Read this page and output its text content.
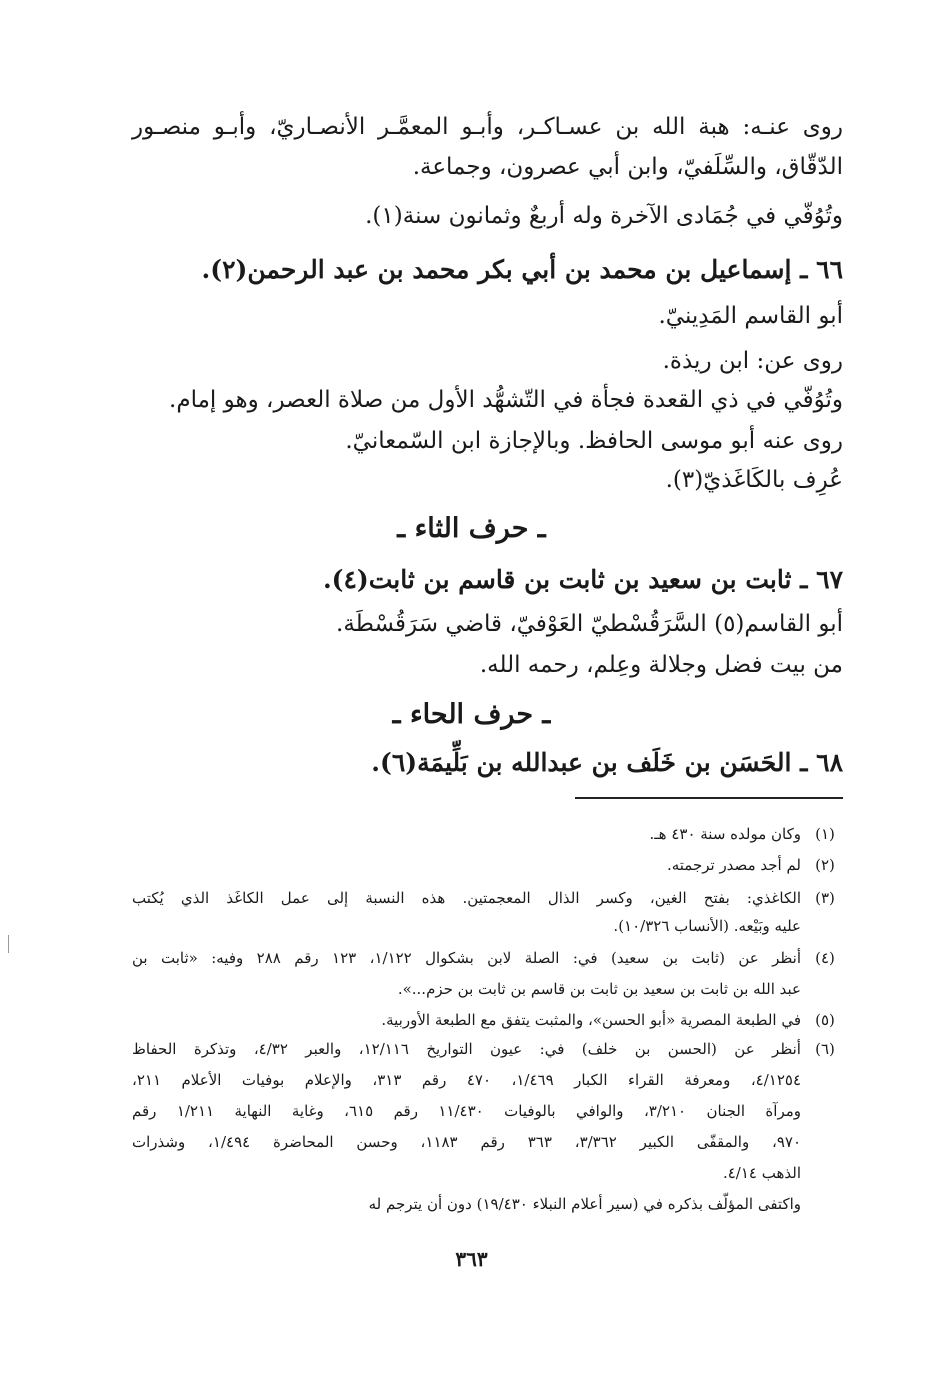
روى عنـه: هبة الله بن عسـاكـر، وأبـو المعمَّـر الأنصـاريّ، وأبـو منصـور
الدّقّاق، والسِّلَفيّ، وابن أبي عصرون، وجماعة.
وتُوُفّي في جُمَادى الآخرة وله أربعٌ وثمانون سنة(١).
٦٦ ـ إسماعيل بن محمد بن أبي بكر محمد بن عبد الرحمن(٢).
أبو القاسم المَدِينيّ.
روى عن: ابن ريذة.
وتُوُفّي في ذي القعدة فجأة في التّشهُّد الأول من صلاة العصر، وهو إمام.
روى عنه أبو موسى الحافظ. وبالإجازة ابن السّمعانيّ.
عُرِف بالكَاغَذيّ(٣).
ـ حرف الثاء ـ
٦٧ ـ ثابت بن سعيد بن ثابت بن قاسم بن ثابت(٤).
أبو القاسم(٥) السَّرَقُسْطيّ العَوْفيّ، قاضي سَرَقُسْطَة.
من بيت فضل وجلالة وعِلم، رحمه الله.
ـ حرف الحاء ـ
٦٨ ـ الحَسَن بن خَلَف بن عبدالله بن بَلِّيمَة(٦).
(١)
وكان مولده سنة ٤٣٠ هـ.
(٢)
لم أجد مصدر ترجمته.
(٣)
الكاغذي: بفتح الغين، وكسر الذال المعجمتين. هذه النسبة إلى عمل الكاغَذ الذي يُكتب
عليه وبَيْعه. (الأنساب ١٠/٣٢٦).
(٤)
أنظر عن (ثابت بن سعيد) في: الصلة لابن بشكوال ١/١٢٢، ١٢٣ رقم ٢٨٨ وفيه: «ثابت بن
عبد الله بن ثابت بن سعيد بن ثابت بن قاسم بن ثابت بن حزم...».
(٥)
في الطبعة المصرية «أبو الحسن»، والمثبت يتفق مع الطبعة الأوربية.
(٦)
أنظر عن (الحسن بن خلف) في: عيون التواريخ ١٢/١١٦، والعبر ٤/٣٢، وتذكرة الحفاظ
٤/١٢٥٤، ومعرفة القراء الكبار ١/٤٦٩، ٤٧٠ رقم ٣١٣، والإعلام بوفيات الأعلام ٢١١،
ومرآة الجنان ٣/٢١٠، والوافي بالوفيات ١١/٤٣٠ رقم ٦١٥، وغاية النهاية ١/٢١١ رقم
٩٧٠، والمقفّى الكبير ٣/٣٦٢، ٣٦٣ رقم ١١٨٣، وحسن المحاضرة ١/٤٩٤، وشذرات
الذهب ٤/١٤.
واكتفى المؤلّف بذكره في (سير أعلام النبلاء ١٩/٤٣٠) دون أن يترجم له
٣٦٣
